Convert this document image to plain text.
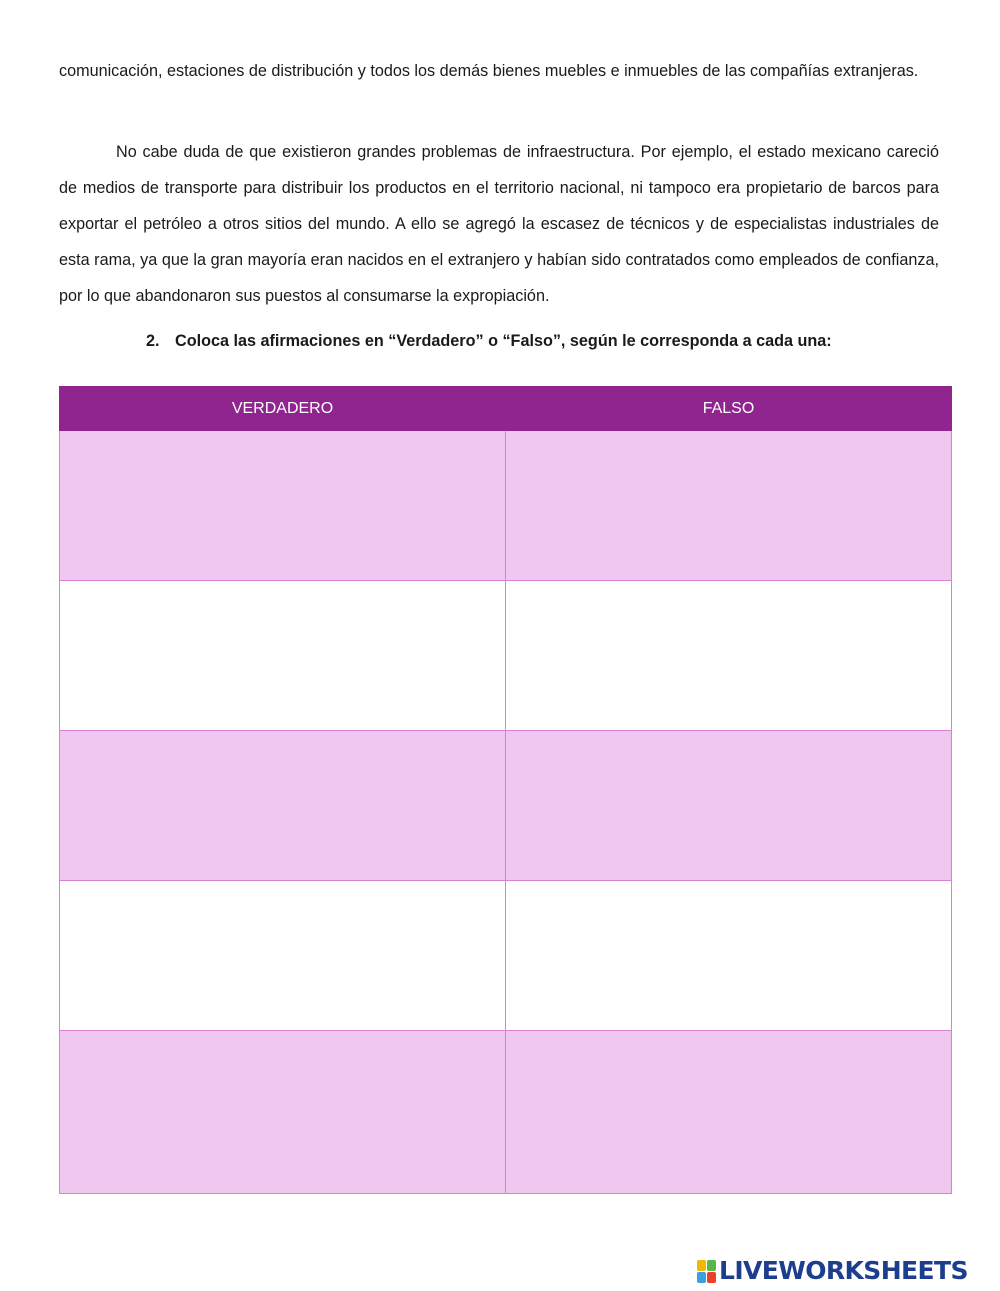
comunicación, estaciones de distribución y todos los demás bienes muebles e inmuebles de las compañías extranjeras.

No cabe duda de que existieron grandes problemas de infraestructura. Por ejemplo, el estado mexicano careció de medios de transporte para distribuir los productos en el territorio nacional, ni tampoco era propietario de barcos para exportar el petróleo a otros sitios del mundo. A ello se agregó la escasez de técnicos y de especialistas industriales de esta rama, ya que la gran mayoría eran nacidos en el extranjero y habían sido contratados como empleados de confianza, por lo que abandonaron sus puestos al consumarse la expropiación.

2. Coloca las afirmaciones en “Verdadero” o “Falso”, según le corresponda a cada una:
VERDADERO	FALSO

LIVEWORKSHEETS
